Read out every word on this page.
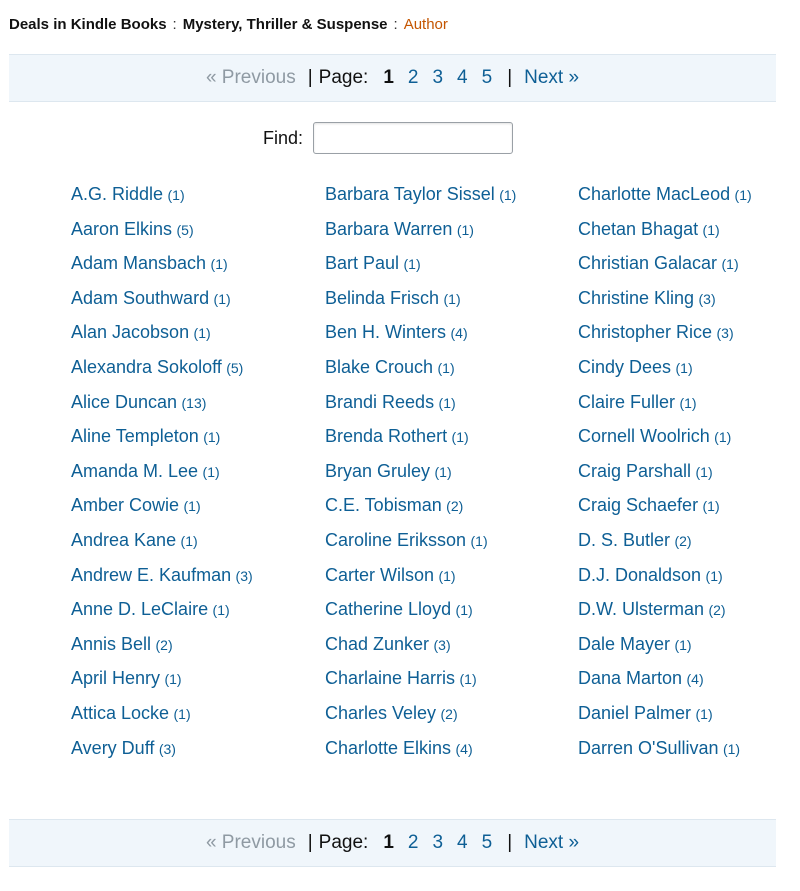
Deals in Kindle Books : Mystery, Thriller & Suspense : Author
« Previous | Page: 1 2 3 4 5 | Next »
Find:
A.G. Riddle (1)
Aaron Elkins (5)
Adam Mansbach (1)
Adam Southward (1)
Alan Jacobson (1)
Alexandra Sokoloff (5)
Alice Duncan (13)
Aline Templeton (1)
Amanda M. Lee (1)
Amber Cowie (1)
Andrea Kane (1)
Andrew E. Kaufman (3)
Anne D. LeClaire (1)
Annis Bell (2)
April Henry (1)
Attica Locke (1)
Avery Duff (3)
Barbara Taylor Sissel (1)
Barbara Warren (1)
Bart Paul (1)
Belinda Frisch (1)
Ben H. Winters (4)
Blake Crouch (1)
Brandi Reeds (1)
Brenda Rothert (1)
Bryan Gruley (1)
C.E. Tobisman (2)
Caroline Eriksson (1)
Carter Wilson (1)
Catherine Lloyd (1)
Chad Zunker (3)
Charlaine Harris (1)
Charles Veley (2)
Charlotte Elkins (4)
Charlotte MacLeod (1)
Chetan Bhagat (1)
Christian Galacar (1)
Christine Kling (3)
Christopher Rice (3)
Cindy Dees (1)
Claire Fuller (1)
Cornell Woolrich (1)
Craig Parshall (1)
Craig Schaefer (1)
D. S. Butler (2)
D.J. Donaldson (1)
D.W. Ulsterman (2)
Dale Mayer (1)
Dana Marton (4)
Daniel Palmer (1)
Darren O'Sullivan (1)
« Previous | Page: 1 2 3 4 5 | Next »
